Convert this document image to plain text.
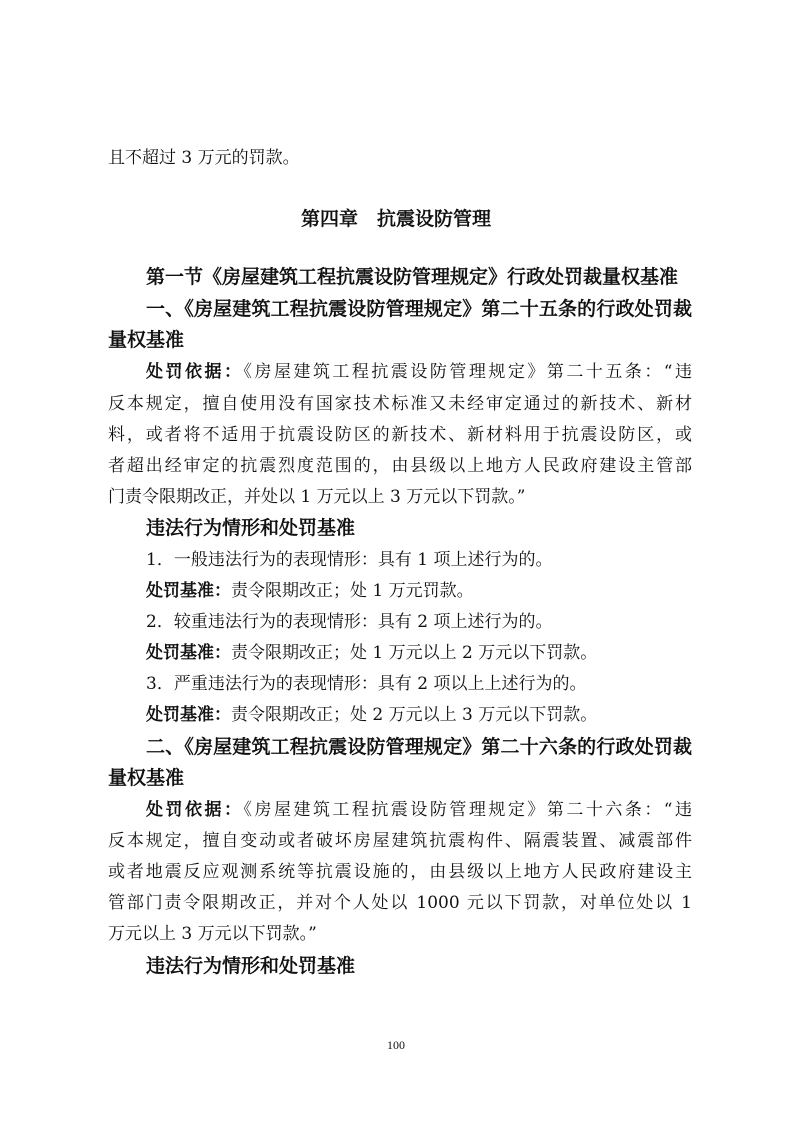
且不超过 3 万元的罚款。
第四章　抗震设防管理
第一节《房屋建筑工程抗震设防管理规定》行政处罚裁量权基准
一、《房屋建筑工程抗震设防管理规定》第二十五条的行政处罚裁
量权基准
处罚依据：《房屋建筑工程抗震设防管理规定》第二十五条：“违
反本规定，擅自使用没有国家技术标准又未经审定通过的新技术、新材
料，或者将不适用于抗震设防区的新技术、新材料用于抗震设防区，或
者超出经审定的抗震烈度范围的，由县级以上地方人民政府建设主管部
门责令限期改正，并处以 1 万元以上 3 万元以下罚款。”
违法行为情形和处罚基准
1．一般违法行为的表现情形：具有 1 项上述行为的。
处罚基准：责令限期改正；处 1 万元罚款。
2．较重违法行为的表现情形：具有 2 项上述行为的。
处罚基准：责令限期改正；处 1 万元以上 2 万元以下罚款。
3．严重违法行为的表现情形：具有 2 项以上上述行为的。
处罚基准：责令限期改正；处 2 万元以上 3 万元以下罚款。
二、《房屋建筑工程抗震设防管理规定》第二十六条的行政处罚裁
量权基准
处罚依据：《房屋建筑工程抗震设防管理规定》第二十六条：“违
反本规定，擅自变动或者破坏房屋建筑抗震构件、隔震装置、减震部件
或者地震反应观测系统等抗震设施的，由县级以上地方人民政府建设主
管部门责令限期改正，并对个人处以 1000 元以下罚款，对单位处以 1
万元以上 3 万元以下罚款。”
违法行为情形和处罚基准
100
